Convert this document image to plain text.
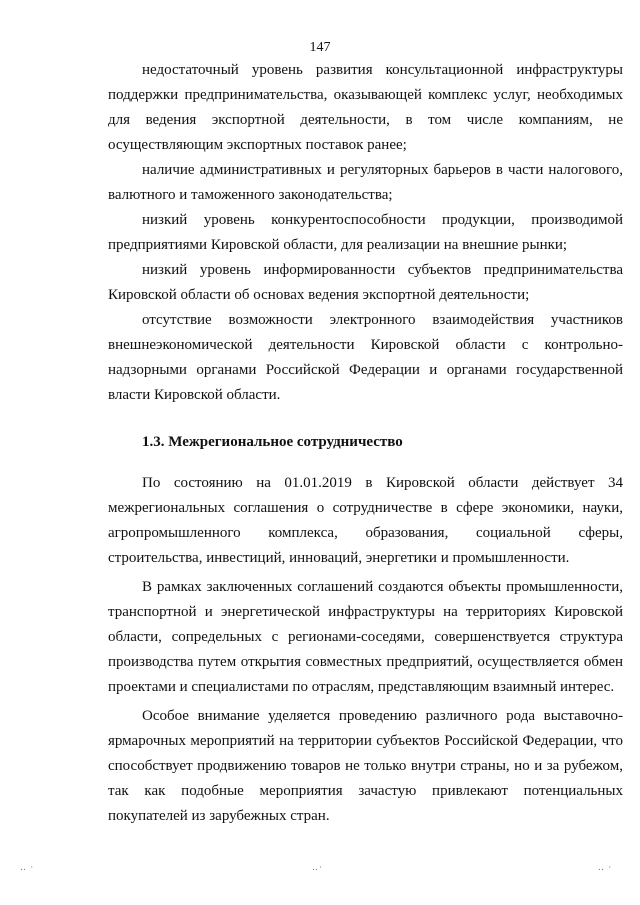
147

недостаточный уровень развития консультационной инфраструктуры поддержки предпринимательства, оказывающей комплекс услуг, необходимых для ведения экспортной деятельности, в том числе компаниям, не осуществляющим экспортных поставок ранее;

наличие административных и регуляторных барьеров в части налогового, валютного и таможенного законодательства;

низкий уровень конкурентоспособности продукции, производимой предприятиями Кировской области, для реализации на внешние рынки;

низкий уровень информированности субъектов предпринимательства Кировской области об основах ведения экспортной деятельности;

отсутствие возможности электронного взаимодействия участников внешнеэкономической деятельности Кировской области с контрольно-надзорными органами Российской Федерации и органами государственной власти Кировской области.

1.3. Межрегиональное сотрудничество

По состоянию на 01.01.2019 в Кировской области действует 34 межрегиональных соглашения о сотрудничестве в сфере экономики, науки, агропромышленного комплекса, образования, социальной сферы, строительства, инвестиций, инноваций, энергетики и промышленности.

В рамках заключенных соглашений создаются объекты промышленности, транспортной и энергетической инфраструктуры на территориях Кировской области, сопредельных с регионами-соседями, совершенствуется структура производства путем открытия совместных предприятий, осуществляется обмен проектами и специалистами по отраслям, представляющим взаимный интерес.

Особое внимание уделяется проведению различного рода выставочно-ярмарочных мероприятий на территории субъектов Российской Федерации, что способствует продвижению товаров не только внутри страны, но и за рубежом, так как подобные мероприятия зачастую привлекают потенциальных покупателей из зарубежных стран.

‥ ·	‥·	‥ ·
